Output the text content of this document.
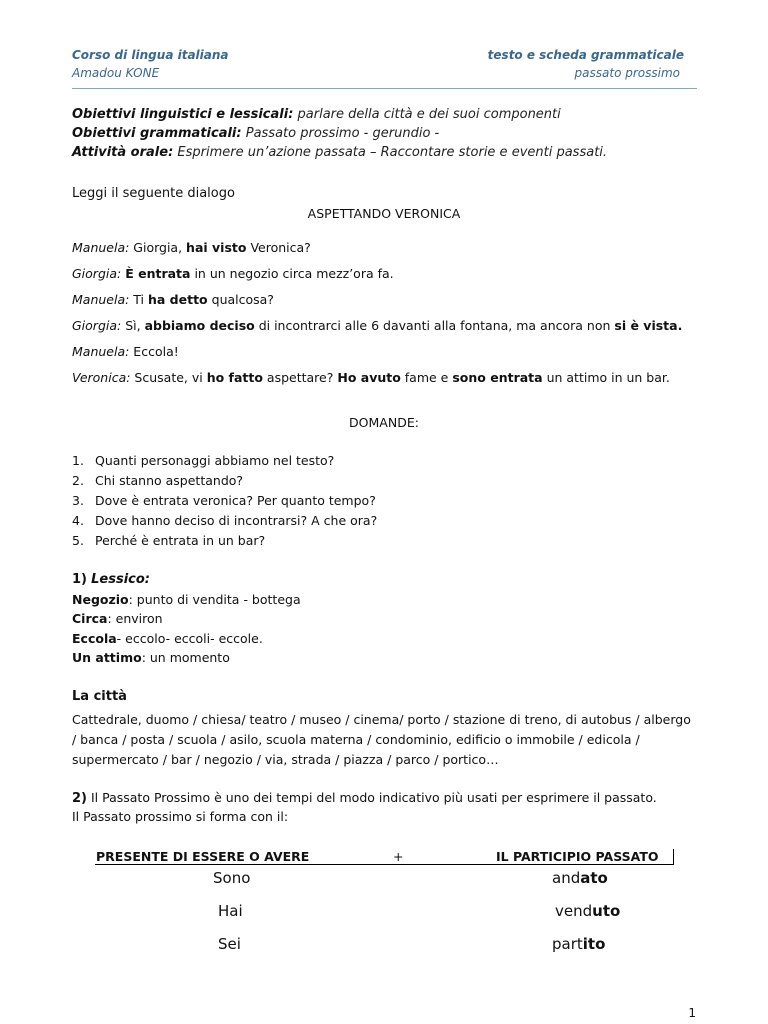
Corso di lingua italiana
Amadou KONE
testo e scheda grammaticale
passato prossimo
Obiettivi linguistici e lessicali: parlare della città e dei suoi componenti
Obiettivi grammaticali: Passato prossimo - gerundio -
Attività orale: Esprimere un’azione passata – Raccontare storie e eventi passati.
Leggi il seguente dialogo
ASPETTANDO VERONICA
Manuela: Giorgia, hai visto Veronica?
Giorgia: È entrata in un negozio circa mezz’ora fa.
Manuela: Ti ha detto qualcosa?
Giorgia: Sì, abbiamo deciso di incontrarci alle 6 davanti alla fontana, ma ancora non si è vista.
Manuela: Eccola!
Veronica: Scusate, vi ho fatto aspettare? Ho avuto fame e sono entrata un attimo in un bar.
DOMANDE:
1. Quanti personaggi abbiamo nel testo?
2. Chi stanno aspettando?
3. Dove è entrata veronica? Per quanto tempo?
4. Dove hanno deciso di incontrarsi? A che ora?
5. Perché è entrata in un bar?
1) Lessico:
Negozio: punto di vendita - bottega
Circa: environ
Eccola- eccolo- eccoli- eccole.
Un attimo: un momento
La città
Cattedrale, duomo / chiesa/ teatro / museo / cinema/ porto / stazione di treno, di autobus / albergo / banca / posta / scuola / asilo, scuola materna / condominio, edificio o immobile / edicola / supermercato / bar / negozio / via, strada / piazza / parco / portico…
2) Il Passato Prossimo è uno dei tempi del modo indicativo più usati per esprimere il passato.
Il Passato prossimo si forma con il:
PRESENTE DI ESSERE O AVERE	+	IL PARTICIPIO PASSATO
Sono	andato
Hai	venduto
Sei	partito
1
